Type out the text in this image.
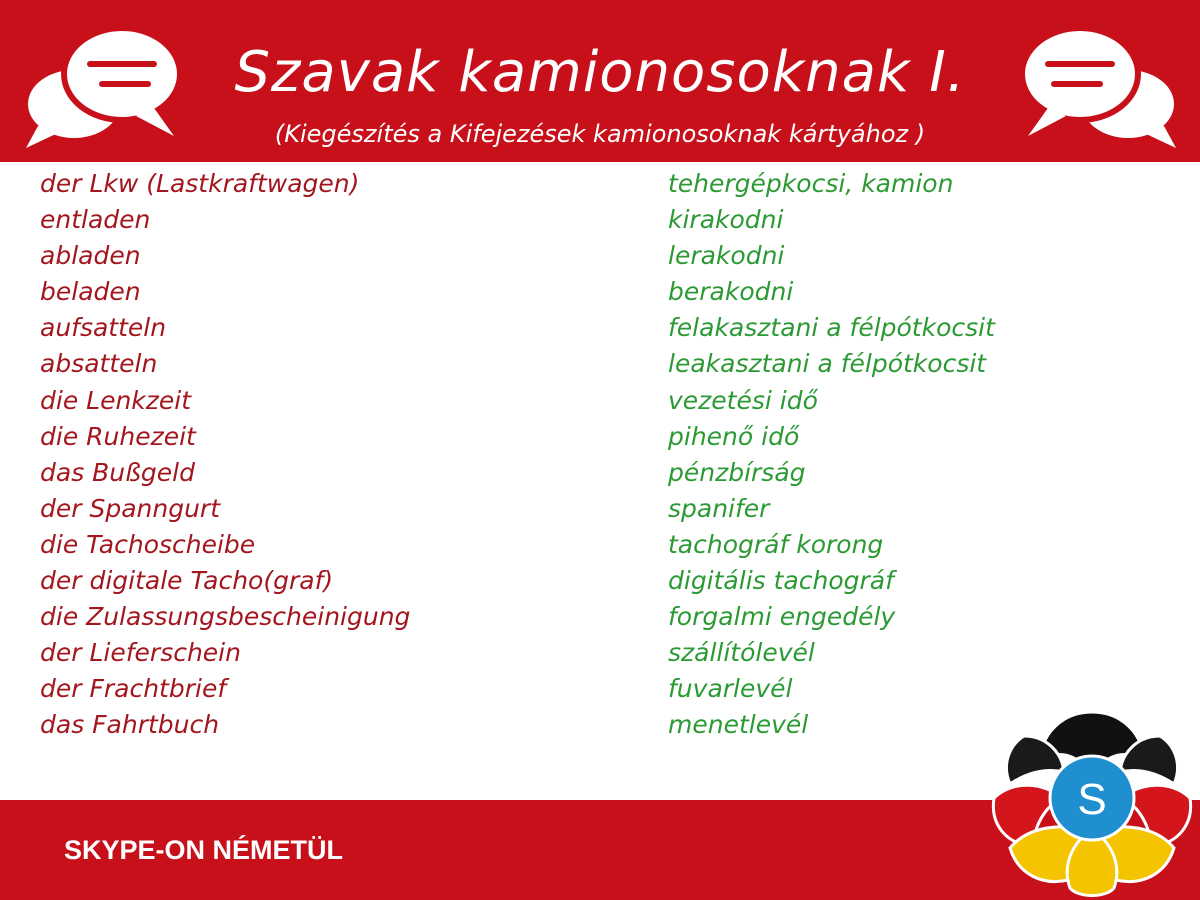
Szavak kamionosoknak I.
(Kiegészítés a Kifejezések kamionosoknak kártyához )
der Lkw (Lastkraftwagen)
entladen
abladen
beladen
aufsatteln
absatteln
die Lenkzeit
die Ruhezeit
das Bußgeld
der Spanngurt
die Tachoscheibe
der digitale Tacho(graf)
die Zulassungsbescheinigung
der Lieferschein
der Frachtbrief
das Fahrtbuch
tehergépkocsi, kamion
kirakodni
lerakodni
berakodni
felakasztani a félpótkocsit
leakasztani a félpótkocsit
vezetési idő
pihenő idő
pénzbírság
spanifer
tachográf korong
digitális tachográf
forgalmi engedély
szállítólevél
fuvarlevél
menetlevél
SKYPE-ON NÉMETÜL
S
